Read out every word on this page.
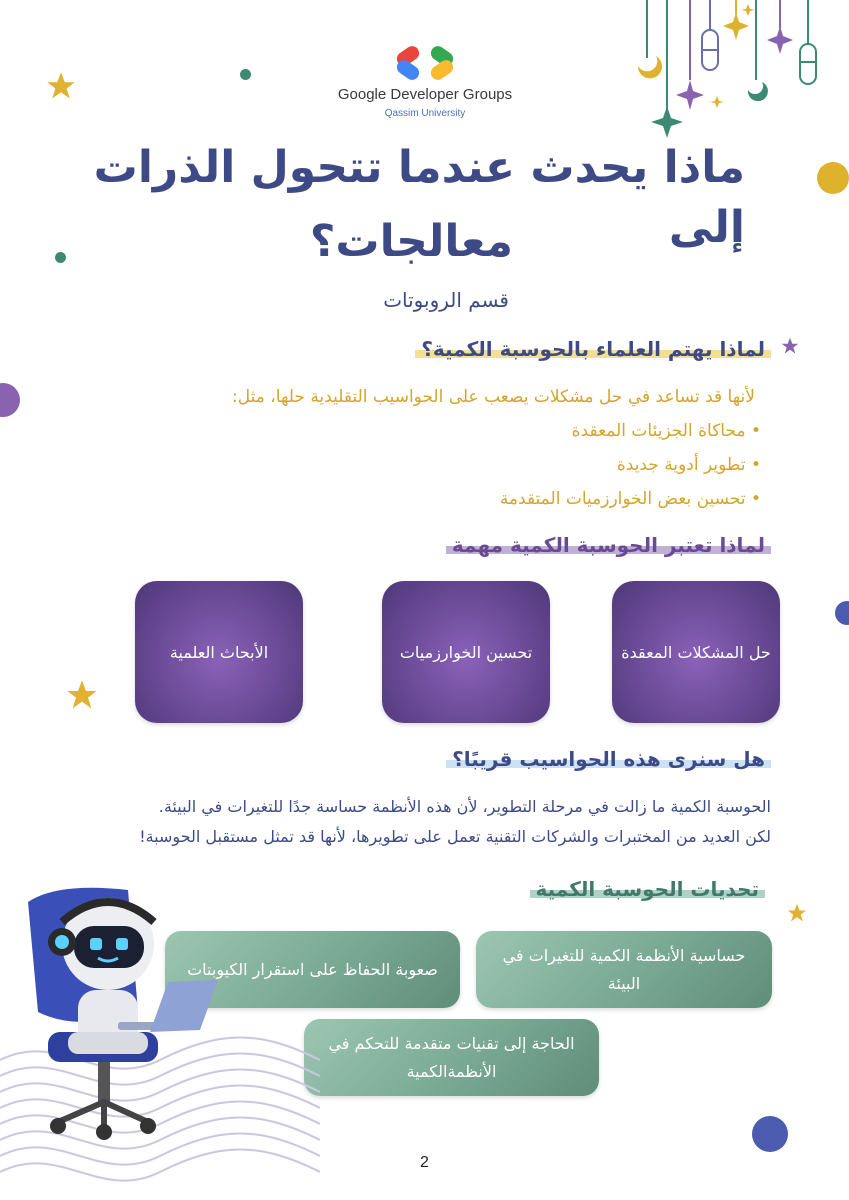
Google Developer Groups
Qassim University
ماذا يحدث عندما تتحول الذرات إلى
معالجات؟
قسم الروبوتات
لماذا يهتم العلماء بالحوسبة الكمية؟
لأنها قد تساعد في حل مشكلات يصعب على الحواسيب التقليدية حلها، مثل:
• محاكاة الجزيئات المعقدة
• تطوير أدوية جديدة
• تحسين بعض الخوارزميات المتقدمة
لماذا تعتبر الحوسبة الكمية مهمة
حل المشكلات المعقدة
تحسين الخوارزميات
الأبحاث العلمية
هل سنرى هذه الحواسيب قريبًا؟
الحوسبة الكمية ما زالت في مرحلة التطوير، لأن هذه الأنظمة حساسة جدًا للتغيرات في البيئة.
لكن العديد من المختبرات والشركات التقنية تعمل على تطويرها، لأنها قد تمثل مستقبل الحوسبة!
تحديات الحوسبة الكمية
حساسية الأنظمة الكمية للتغيرات في البيئة
صعوبة الحفاظ على استقرار الكيوبتات
الحاجة إلى تقنيات متقدمة للتحكم في الأنظمةالكمية
2
